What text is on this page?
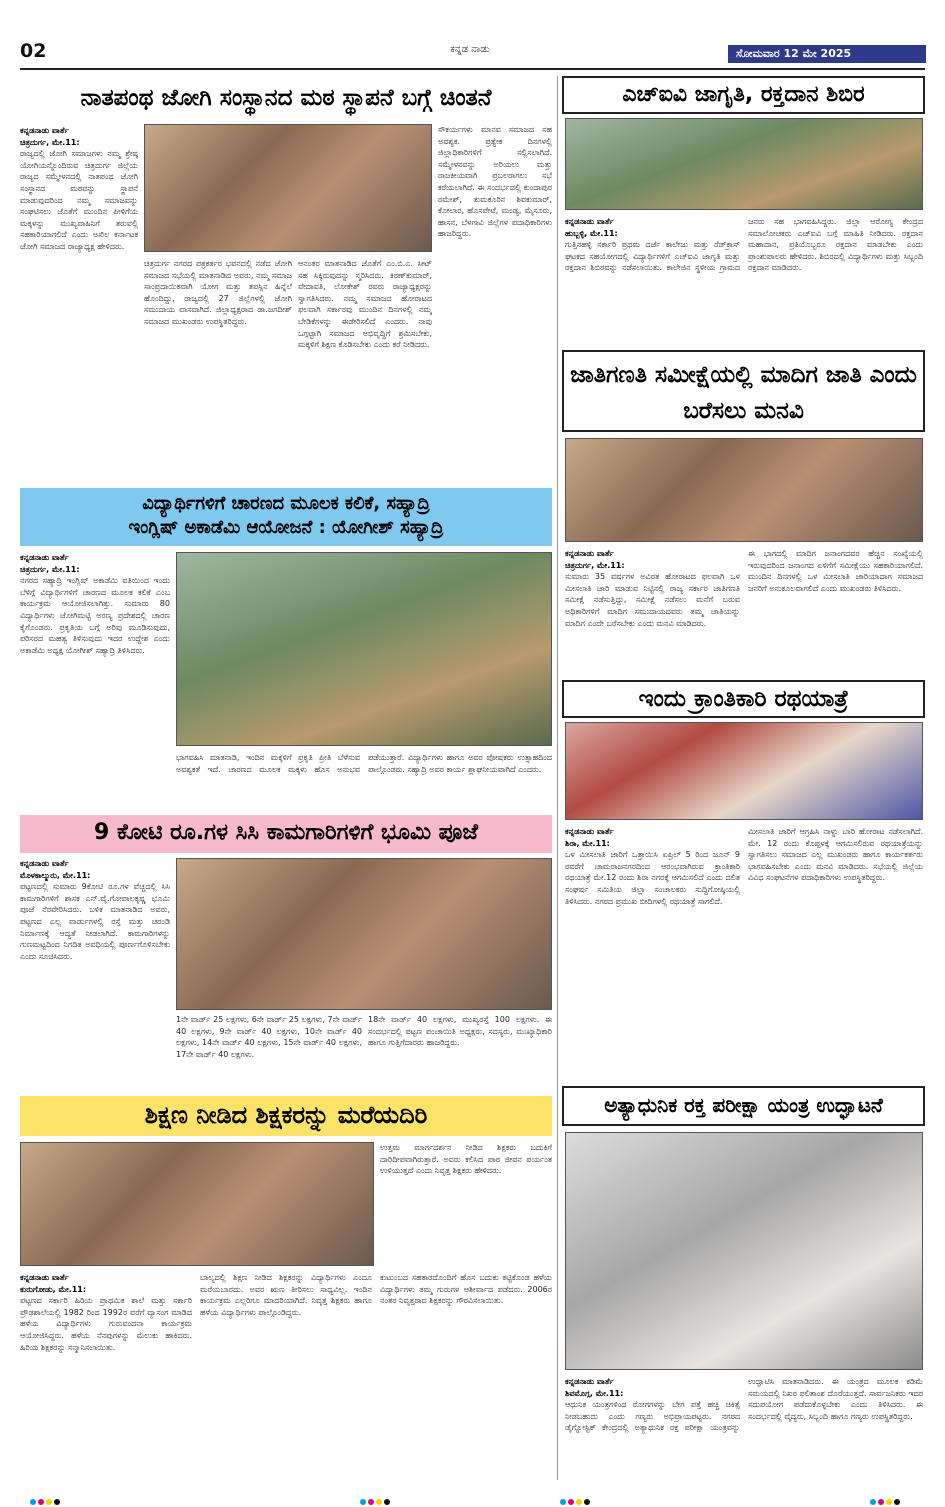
02	ಕನ್ನಡ ನಾಡು	ಸೋಮವಾರ 12 ಮೇ 2025
ನಾತಪಂಥ ಜೋಗಿ ಸಂಸ್ಥಾನದ ಮಠ ಸ್ಥಾಪನೆ ಬಗ್ಗೆ ಚಿಂತನೆ
ಕನ್ನಡನಾಡು ವಾರ್ತೆ
ಚಿತ್ರದುರ್ಗ, ಮೇ.11:
ರಾಜ್ಯದಲ್ಲಿ ಜೋಗಿ ಸಮಾಜಗಳು ನಮ್ಮ ಶ್ರೇಷ್ಠ ಯೋಗಿಯನ್ನೊಂದಿರುವ ಚಿತ್ರದುರ್ಗ ಜಿಲ್ಲೆಯ ರಾಜ್ಯದ ಸಮ್ಮೇಳನದಲ್ಲಿ ನಾತಪಂಥ ಜೋಗಿ ಸಂಸ್ಥಾನದ ಮಠವನ್ನು ಸ್ಥಾಪನೆ ಮಾಡುವುದರಿಂದ ನಮ್ಮ ಸಮಾಜವನ್ನು ಸಂಘಟಿಸಲು ಜೊತೆಗೆ ಮುಂದಿನ ಪೀಳಿಗೆಯ ಮಕ್ಕಳನ್ನು ಮುಖ್ಯವಾಹಿನಿಗೆ ತರುವಲ್ಲಿ ಸಹಕಾರಿಯಾಗಲಿದೆ ಎಂದು ಅಖಿಲ ಕರ್ನಾಟಕ ಜೋಗಿ ಸಮಾಜದ ರಾಜ್ಯಾಧ್ಯಕ್ಷ ಹೇಳಿದರು.
ಚಿತ್ರದುರ್ಗ ನಗರದ ಪತ್ರಕರ್ತರ ಭವನದಲ್ಲಿ ನಡೆದ ಜೋಗಿ ಸಮಾಜದ ಸಭೆಯಲ್ಲಿ ಮಾತನಾಡಿದ ಅವರು, ನಮ್ಮ ಸಮಾಜ ಸಾಂಪ್ರದಾಯಿಕವಾಗಿ ಯೋಗ ಮತ್ತು ತಪಸ್ಸಿನ ಹಿನ್ನೆಲೆ ಹೊಂದಿದ್ದು, ರಾಜ್ಯದಲ್ಲಿ 27 ಜಿಲ್ಲೆಗಳಲ್ಲಿ ಜೋಗಿ ಸಮುದಾಯ ವಾಸವಾಗಿದೆ. ಜಿಲ್ಲಾಧ್ಯಕ್ಷರಾದ ಡಾ.ಜಗದೀಶ್ ಸಮಾಜದ ಮುಖಂಡರು ಉಪಸ್ಥಿತರಿದ್ದರು.
ಆನಂತರ ಮಾತನಾಡಿದ ಜೊತೆಗೆ ಎಂ.ಬಿ.ಎ. ಸೀಟ್ ಸಹ ಸಿಕ್ಕಿರುವುದನ್ನು ಸ್ಮರಿಸಿದರು. ಕಿರಣ್‌ಕುಮಾರ್, ವೇದಾವತಿ, ಲೋಕೇಶ್ ರವರು ರಾಜ್ಯಾಧ್ಯಕ್ಷರನ್ನು ಸ್ವಾಗತಿಸಿದರು. ನಮ್ಮ ಸಮಾಜದ ಹೋರಾಟದ ಫಲವಾಗಿ ಸರ್ಕಾರವು ಮುಂದಿನ ದಿನಗಳಲ್ಲಿ ನಮ್ಮ ಬೇಡಿಕೆಗಳನ್ನು ಈಡೇರಿಸಲಿದೆ ಎಂದರು. ನಾವು ಒಗ್ಗಟ್ಟಾಗಿ ಸಮಾಜದ ಅಭಿವೃದ್ಧಿಗೆ ಶ್ರಮಿಸಬೇಕು, ಮಕ್ಕಳಿಗೆ ಶಿಕ್ಷಣ ಕೊಡಿಸಬೇಕು ಎಂದು ಕರೆ ನೀಡಿದರು.
ಸೌಕರ್ಯಗಳು ಮಾನವ ಸಮಾಜದ ಸಹ ಅವಶ್ಯಕ. ಪ್ರತ್ಯೇಕ ದಿನಗಳಲ್ಲಿ ಜಿಲ್ಲಾಧಿಕಾರಿಗಳಿಗೆ ಸಲ್ಲಿಸಲಾಗಿದೆ. ಸಮ್ಮೇಳನವನ್ನು ಅರಿಯಲು ಮತ್ತು ರಾಜಕೀಯವಾಗಿ ಪ್ರಬಲರಾಗಲು ಸಭೆ ಕರೆಯಲಾಗಿದೆ. ಈ ಸಂದರ್ಭದಲ್ಲಿ ಕುಂದಾಪುರ ರಮೇಶ್, ತುಮಕೂರಿನ ಶಿವಕುಮಾರ್, ಕೋಲಾರ, ಹೊಸಪೇಟೆ, ಮಂಡ್ಯ, ಮೈಸೂರು, ಹಾಸನ, ಬೆಳಗಾವಿ ಜಿಲ್ಲೆಗಳ ಪದಾಧಿಕಾರಿಗಳು ಹಾಜರಿದ್ದರು.
ಎಚ್‌ಐವಿ ಜಾಗೃತಿ, ರಕ್ತದಾನ ಶಿಬಿರ
ಕನ್ನಡನಾಡು ವಾರ್ತೆ
ಹುಬ್ಬಳ್ಳಿ, ಮೇ.11:
ಗುತ್ತಿನಹಳ್ಳಿ ಸರ್ಕಾರಿ ಪ್ರಥಮ ದರ್ಜೆ ಕಾಲೇಜು ಮತ್ತು ರೆಡ್‌ಕ್ರಾಸ್ ಘಟಕದ ಸಹಯೋಗದಲ್ಲಿ ವಿದ್ಯಾರ್ಥಿಗಳಿಗೆ ಎಚ್‌ಐವಿ ಜಾಗೃತಿ ಮತ್ತು ರಕ್ತದಾನ ಶಿಬಿರವನ್ನು ನಡೆಸಲಾಯಿತು. ಕಾಲೇಜಿನ ಸ್ಥಳೀಯ ಗ್ರಾಮದ ಜನರು ಸಹ ಭಾಗವಹಿಸಿದ್ದರು. ಜಿಲ್ಲಾ ಆರೋಗ್ಯ ಕೇಂದ್ರದ ಸಮಾಲೋಚಕರು ಎಚ್‌ಐವಿ ಬಗ್ಗೆ ಮಾಹಿತಿ ನೀಡಿದರು. ರಕ್ತದಾನ ಮಹಾದಾನ, ಪ್ರತಿಯೊಬ್ಬರೂ ರಕ್ತದಾನ ಮಾಡಬೇಕು ಎಂದು ಪ್ರಾಂಶುಪಾಲರು ಹೇಳಿದರು. ಶಿಬಿರದಲ್ಲಿ ವಿದ್ಯಾರ್ಥಿಗಳು ಮತ್ತು ಸಿಬ್ಬಂದಿ ರಕ್ತದಾನ ಮಾಡಿದರು.
ಜಾತಿಗಣತಿ ಸಮೀಕ್ಷೆಯಲ್ಲಿ ಮಾದಿಗ ಜಾತಿ ಎಂದು ಬರೆಸಲು ಮನವಿ
ಕನ್ನಡನಾಡು ವಾರ್ತೆ
ಚಿತ್ರದುರ್ಗ, ಮೇ.11:
ಸುಮಾರು 35 ವರ್ಷಗಳ ಅವಿರತ ಹೋರಾಟದ ಫಲವಾಗಿ ಒಳ ಮೀಸಲಾತಿ ಜಾರಿ ಮಾಡುವ ನಿಟ್ಟಿನಲ್ಲಿ ರಾಜ್ಯ ಸರ್ಕಾರ ಜಾತಿಗಣತಿ ಸಮೀಕ್ಷೆ ನಡೆಸುತ್ತಿದ್ದು, ಸಮೀಕ್ಷೆ ನಡೆಸಲು ಮನೆಗೆ ಬರುವ ಅಧಿಕಾರಿಗಳಿಗೆ ಮಾದಿಗ ಸಮುದಾಯದವರು ತಮ್ಮ ಜಾತಿಯನ್ನು ಮಾದಿಗ ಎಂದೇ ಬರೆಸಬೇಕು ಎಂದು ಮನವಿ ಮಾಡಿದರು.
ಈ ಭಾಗದಲ್ಲಿ ಮಾದಿಗ ಜನಾಂಗದವರ ಹೆಚ್ಚಿನ ಸಂಖ್ಯೆಯಲ್ಲಿ ಇರುವುದರಿಂದ ಜನಾಂಗದ ಏಳಿಗೆಗೆ ಸಮೀಕ್ಷೆಯು ಸಹಕಾರಿಯಾಗಲಿದೆ. ಮುಂದಿನ ದಿನಗಳಲ್ಲಿ ಒಳ ಮೀಸಲಾತಿ ಜಾರಿಯಾದಾಗ ಸಮಾಜದ ಜನರಿಗೆ ಅನುಕೂಲವಾಗಲಿದೆ ಎಂದು ಮುಖಂಡರು ತಿಳಿಸಿದರು.
ವಿದ್ಯಾರ್ಥಿಗಳಿಗೆ ಚಾರಣದ ಮೂಲಕ ಕಲಿಕೆ, ಸಹ್ಯಾದ್ರಿ
ಇಂಗ್ಲಿಷ್ ಅಕಾಡೆಮಿ ಆಯೋಜನೆ : ಯೋಗೀಶ್ ಸಹ್ಯಾದ್ರಿ
ಕನ್ನಡನಾಡು ವಾರ್ತೆ
ಚಿತ್ರದುರ್ಗ, ಮೇ.11:
ನಗರದ ಸಹ್ಯಾದ್ರಿ ಇಂಗ್ಲಿಷ್ ಅಕಾಡೆಮಿ ವತಿಯಿಂದ ಇಂದು ಬೆಳಿಗ್ಗೆ ವಿದ್ಯಾರ್ಥಿಗಳಿಗೆ ಚಾರಣದ ಮೂಲಕ ಕಲಿಕೆ ಎಂಬ ಕಾರ್ಯಕ್ರಮ ಆಯೋಜಿಸಲಾಗಿತ್ತು. ಸುಮಾರು 80 ವಿದ್ಯಾರ್ಥಿಗಳು ಜೋಗಿಮಟ್ಟಿ ಅರಣ್ಯ ಪ್ರದೇಶದಲ್ಲಿ ಚಾರಣ ಕೈಗೊಂಡರು. ಪ್ರಕೃತಿಯ ಬಗ್ಗೆ ಅರಿವು ಮೂಡಿಸುವುದು, ಪರಿಸರದ ಮಹತ್ವ ತಿಳಿಸುವುದು ಇದರ ಉದ್ದೇಶ ಎಂದು ಅಕಾಡೆಮಿ ಅಧ್ಯಕ್ಷ ಯೋಗೀಶ್ ಸಹ್ಯಾದ್ರಿ ತಿಳಿಸಿದರು.
ಭಾಗವಹಿಸಿ ಮಾತನಾಡಿ, ಇಂದಿನ ಮಕ್ಕಳಿಗೆ ಪ್ರಕೃತಿ ಪ್ರೀತಿ ಬೆಳೆಸುವ ಅವಶ್ಯಕತೆ ಇದೆ. ಚಾರಣದ ಮೂಲಕ ಮಕ್ಕಳು ಹೊಸ ಅನುಭವ ಪಡೆಯುತ್ತಾರೆ. ವಿದ್ಯಾರ್ಥಿಗಳು ಹಾಗೂ ಅವರ ಪೋಷಕರು ಉತ್ಸಾಹದಿಂದ ಪಾಲ್ಗೊಂಡರು. ಸಹ್ಯಾದ್ರಿ ಅವರ ಕಾರ್ಯ ಶ್ಲಾಘನೀಯವಾಗಿದೆ ಎಂದರು.
ಇಂದು ಕ್ರಾಂತಿಕಾರಿ ರಥಯಾತ್ರೆ
ಕನ್ನಡನಾಡು ವಾರ್ತೆ
ಶಿರಾ, ಮೇ.11:
ಒಳ ಮೀಸಲಾತಿ ಜಾರಿಗೆ ಒತ್ತಾಯಿಸಿ ಏಪ್ರಿಲ್ 5 ರಿಂದ ಜೂನ್ 9 ರವರೆಗೆ ಚಾಮರಾಜನಗರದಿಂದ ಆರಂಭವಾಗಿರುವ ಕ್ರಾಂತಿಕಾರಿ ರಥಯಾತ್ರೆ ಮೇ.12 ರಂದು ಶಿರಾ ನಗರಕ್ಕೆ ಆಗಮಿಸಲಿದೆ ಎಂದು ದಲಿತ ಸಂಘರ್ಷ ಸಮಿತಿಯ ಜಿಲ್ಲಾ ಸಂಚಾಲಕರು ಸುದ್ದಿಗೋಷ್ಠಿಯಲ್ಲಿ ತಿಳಿಸಿದರು. ನಗರದ ಪ್ರಮುಖ ಬೀದಿಗಳಲ್ಲಿ ರಥಯಾತ್ರೆ ಸಾಗಲಿದೆ.
ಮೀಸಲಾತಿ ಜಾರಿಗೆ ಆಗ್ರಹಿಸಿ ನಾಳ್ನು ಬಾರಿ ಹೋರಾಟ ನಡೆಸಲಾಗಿದೆ. ಮೇ. 12 ರಂದು ಕೊಪ್ಪಳಕ್ಕೆ ಆಗಮಿಸಲಿರುವ ರಥಯಾತ್ರೆಯನ್ನು ಸ್ವಾಗತಿಸಲು ಸಮಾಜದ ಎಲ್ಲ ಮುಖಂಡರು ಹಾಗೂ ಕಾರ್ಯಕರ್ತರು ಭಾಗವಹಿಸಬೇಕು ಎಂದು ಮನವಿ ಮಾಡಿದರು. ಸಭೆಯಲ್ಲಿ ಜಿಲ್ಲೆಯ ವಿವಿಧ ಸಂಘಟನೆಗಳ ಪದಾಧಿಕಾರಿಗಳು ಉಪಸ್ಥಿತರಿದ್ದರು.
9 ಕೋಟಿ ರೂ.ಗಳ ಸಿಸಿ ಕಾಮಗಾರಿಗಳಿಗೆ ಭೂಮಿ ಪೂಜೆ
ಕನ್ನಡನಾಡು ವಾರ್ತೆ
ಮೊಳಕಾಲ್ಮುರು, ಮೇ.11:
ಪಟ್ಟಣದಲ್ಲಿ ಸುಮಾರು 9ಕೋಟಿ ರೂ.ಗಳ ವೆಚ್ಚದಲ್ಲಿ ಸಿಸಿ ಕಾಮಗಾರಿಗಳಿಗೆ ಶಾಸಕ ಎನ್.ವೈ.ಗೋಪಾಲಕೃಷ್ಣ ಭೂಮಿ ಪೂಜೆ ನೆರವೇರಿಸಿದರು. ಬಳಿಕ ಮಾತನಾಡಿದ ಅವರು, ಪಟ್ಟಣದ ಎಲ್ಲ ವಾರ್ಡುಗಳಲ್ಲಿ ರಸ್ತೆ ಮತ್ತು ಚರಂಡಿ ನಿರ್ಮಾಣಕ್ಕೆ ಆದ್ಯತೆ ನೀಡಲಾಗಿದೆ. ಕಾಮಗಾರಿಗಳನ್ನು ಗುಣಮಟ್ಟದಿಂದ ನಿಗದಿತ ಅವಧಿಯಲ್ಲಿ ಪೂರ್ಣಗೊಳಿಸಬೇಕು ಎಂದು ಸೂಚಿಸಿದರು.
1ನೇ ವಾರ್ಡ್ 25 ಲಕ್ಷಗಳು, 6ನೇ ವಾರ್ಡ್ 25 ಲಕ್ಷಗಳು, 7ನೇ ವಾರ್ಡ್ 40 ಲಕ್ಷಗಳು, 9ನೇ ವಾರ್ಡ್ 40 ಲಕ್ಷಗಳು, 10ನೇ ವಾರ್ಡ್ 40 ಲಕ್ಷಗಳು, 14ನೇ ವಾರ್ಡ್ 40 ಲಕ್ಷಗಳು, 15ನೇ ವಾರ್ಡ್ 40 ಲಕ್ಷಗಳು, 17ನೇ ವಾರ್ಡ್ 40 ಲಕ್ಷಗಳು.
18ನೇ ವಾರ್ಡ್ 40 ಲಕ್ಷಗಳು, ಮುಖ್ಯರಸ್ತೆ 100 ಲಕ್ಷಗಳು. ಈ ಸಂದರ್ಭದಲ್ಲಿ ಪಟ್ಟಣ ಪಂಚಾಯಿತಿ ಅಧ್ಯಕ್ಷರು, ಸದಸ್ಯರು, ಮುಖ್ಯಾಧಿಕಾರಿ ಹಾಗೂ ಗುತ್ತಿಗೆದಾರರು ಹಾಜರಿದ್ದರು.
ಶಿಕ್ಷಣ ನೀಡಿದ ಶಿಕ್ಷಕರನ್ನು ಮರೆಯದಿರಿ
ಉತ್ತಮ ಮಾರ್ಗದರ್ಶನ ನೀಡಿದ ಶಿಕ್ಷಕರು ಬದುಕಿಗೆ ದಾರಿದೀಪವಾಗಿರುತ್ತಾರೆ. ಅವರು ಕಲಿಸಿದ ಪಾಠ ಜೀವನ ಪರ್ಯಂತ ಉಳಿಯುತ್ತದೆ ಎಂದು ನಿವೃತ್ತ ಶಿಕ್ಷಕರು ಹೇಳಿದರು.
ಕನ್ನಡನಾಡು ವಾರ್ತೆ
ಕುರುಗೋಡು, ಮೇ.11:
ಪಟ್ಟಣದ ಸರ್ಕಾರಿ ಹಿರಿಯ ಪ್ರಾಥಮಿಕ ಶಾಲೆ ಮತ್ತು ಸರ್ಕಾರಿ ಪ್ರೌಢಶಾಲೆಯಲ್ಲಿ 1982 ರಿಂದ 1992ರ ವರೆಗೆ ವ್ಯಾಸಂಗ ಮಾಡಿದ ಹಳೆಯ ವಿದ್ಯಾರ್ಥಿಗಳು ಗುರುವಂದನಾ ಕಾರ್ಯಕ್ರಮ ಆಯೋಜಿಸಿದ್ದರು. ಹಳೆಯ ನೆನಪುಗಳನ್ನು ಮೆಲುಕು ಹಾಕಿದರು. ಹಿರಿಯ ಶಿಕ್ಷಕರನ್ನು ಸನ್ಮಾನಿಸಲಾಯಿತು.
ಬಾಲ್ಯದಲ್ಲಿ ಶಿಕ್ಷಣ ನೀಡಿದ ಶಿಕ್ಷಕರನ್ನು ವಿದ್ಯಾರ್ಥಿಗಳು ಎಂದೂ ಮರೆಯಬಾರದು. ಅವರ ಋಣ ತೀರಿಸಲು ಸಾಧ್ಯವಿಲ್ಲ. ಇಂದಿನ ಕಾರ್ಯಕ್ರಮ ಎಲ್ಲರಿಗೂ ಮಾದರಿಯಾಗಿದೆ. ನಿವೃತ್ತ ಶಿಕ್ಷಕರು ಹಾಗೂ ಹಳೆಯ ವಿದ್ಯಾರ್ಥಿಗಳು ಪಾಲ್ಗೊಂಡಿದ್ದರು.
ಕುಟುಂಬದ ಸಹಕಾರದೊಂದಿಗೆ ಹೊಸ ಬದುಕು ಕಟ್ಟಿಕೊಂಡ ಹಳೆಯ ವಿದ್ಯಾರ್ಥಿಗಳು ತಮ್ಮ ಗುರುಗಳ ಆಶೀರ್ವಾದ ಪಡೆದರು. 2006ರ ನಂತರ ನಿವೃತ್ತರಾದ ಶಿಕ್ಷಕರನ್ನು ಗೌರವಿಸಲಾಯಿತು.
ಅತ್ಯಾಧುನಿಕ ರಕ್ತ ಪರೀಕ್ಷಾ ಯಂತ್ರ ಉದ್ಘಾಟನೆ
ಕನ್ನಡನಾಡು ವಾರ್ತೆ
ಶಿವಮೊಗ್ಗ, ಮೇ.11:
ಆಧುನಿಕ ಯಂತ್ರಗಳಿಂದ ರೋಗಗಳನ್ನು ಬೇಗ ಪತ್ತೆ ಹಚ್ಚಿ ಚಿಕಿತ್ಸೆ ನೀಡಬಹುದು ಎಂದು ಗಣ್ಯರು ಅಭಿಪ್ರಾಯಪಟ್ಟರು. ನಗರದ ಡೈಗ್ನೋಸ್ಟಿಕ್ ಕೇಂದ್ರದಲ್ಲಿ ಅತ್ಯಾಧುನಿಕ ರಕ್ತ ಪರೀಕ್ಷಾ ಯಂತ್ರವನ್ನು ಉದ್ಘಾಟಿಸಿ ಮಾತನಾಡಿದರು. ಈ ಯಂತ್ರದ ಮೂಲಕ ಕಡಿಮೆ ಸಮಯದಲ್ಲಿ ನಿಖರ ಫಲಿತಾಂಶ ದೊರೆಯುತ್ತದೆ. ಸಾರ್ವಜನಿಕರು ಇದರ ಸದುಪಯೋಗ ಪಡೆದುಕೊಳ್ಳಬೇಕು ಎಂದು ತಿಳಿಸಿದರು. ಈ ಸಂದರ್ಭದಲ್ಲಿ ವೈದ್ಯರು, ಸಿಬ್ಬಂದಿ ಹಾಗೂ ಗಣ್ಯರು ಉಪಸ್ಥಿತರಿದ್ದರು.
